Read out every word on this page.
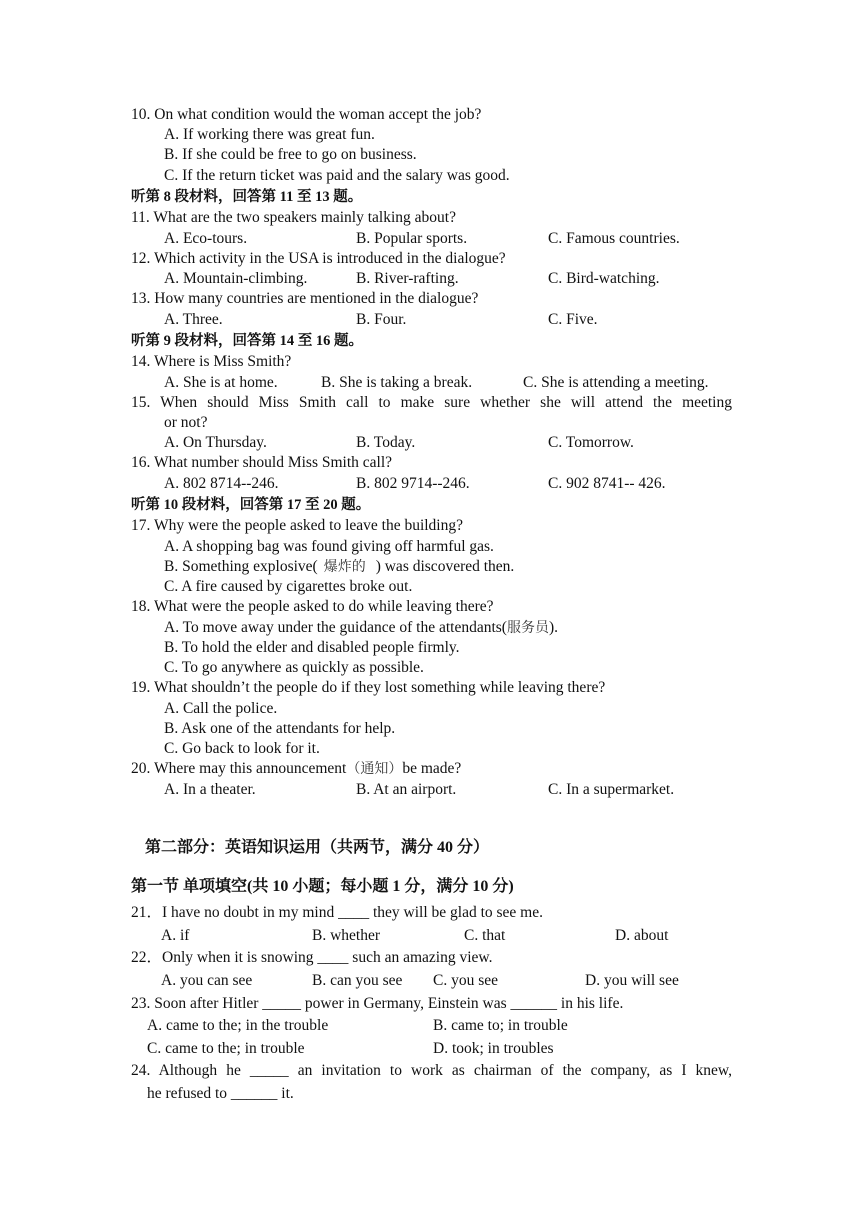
10. On what condition would the woman accept the job?
A. If working there was great fun.
B. If she could be free to go on business.
C. If the return ticket was paid and the salary was good.
听第 8 段材料，回答第 11 至 13 题。
11. What are the two speakers mainly talking about?
A. Eco-tours.	B. Popular sports.	C. Famous countries.
12. Which activity in the USA is introduced in the dialogue?
A. Mountain-climbing.	B. River-rafting.	C. Bird-watching.
13. How many countries are mentioned in the dialogue?
A. Three.	B. Four.	C. Five.
听第 9 段材料，回答第 14 至 16 题。
14. Where is Miss Smith?
A. She is at home.	B. She is taking a break.	C. She is attending a meeting.
15. When should Miss Smith call to make sure whether she will attend the meeting
or not?
A. On Thursday.	B. Today.	C. Tomorrow.
16. What number should Miss Smith call?
A. 802 8714--246.	B. 802 9714--246.	C. 902 8741-- 426.
听第 10 段材料，回答第 17 至 20 题。
17. Why were the people asked to leave the building?
A. A shopping bag was found giving off harmful gas.
B. Something explosive( 爆炸的 ) was discovered then.
C. A fire caused by cigarettes broke out.
18. What were the people asked to do while leaving there?
A. To move away under the guidance of the attendants(服务员).
B. To hold the elder and disabled people firmly.
C. To go anywhere as quickly as possible.
19. What shouldn’t the people do if they lost something while leaving there?
A. Call the police.
B. Ask one of the attendants for help.
C. Go back to look for it.
20. Where may this announcement（通知）be made?
A. In a theater.	B. At an airport.	C. In a supermarket.
第二部分：英语知识运用（共两节，满分 40 分）
第一节 单项填空(共 10 小题；每小题 1 分，满分 10 分)
21．I have no doubt in my mind ____ they will be glad to see me.
A. if	B. whether	C. that	D. about
22．Only when it is snowing ____ such an amazing view.
A. you can see	B. can you see C. you see	D. you will see
23. Soon after Hitler _____ power in Germany, Einstein was ______ in his life.
A. came to the; in the trouble	B. came to; in trouble
C. came to the; in trouble	D. took; in troubles
24. Although he _____ an invitation to work as chairman of the company, as I knew,
he refused to ______ it.
